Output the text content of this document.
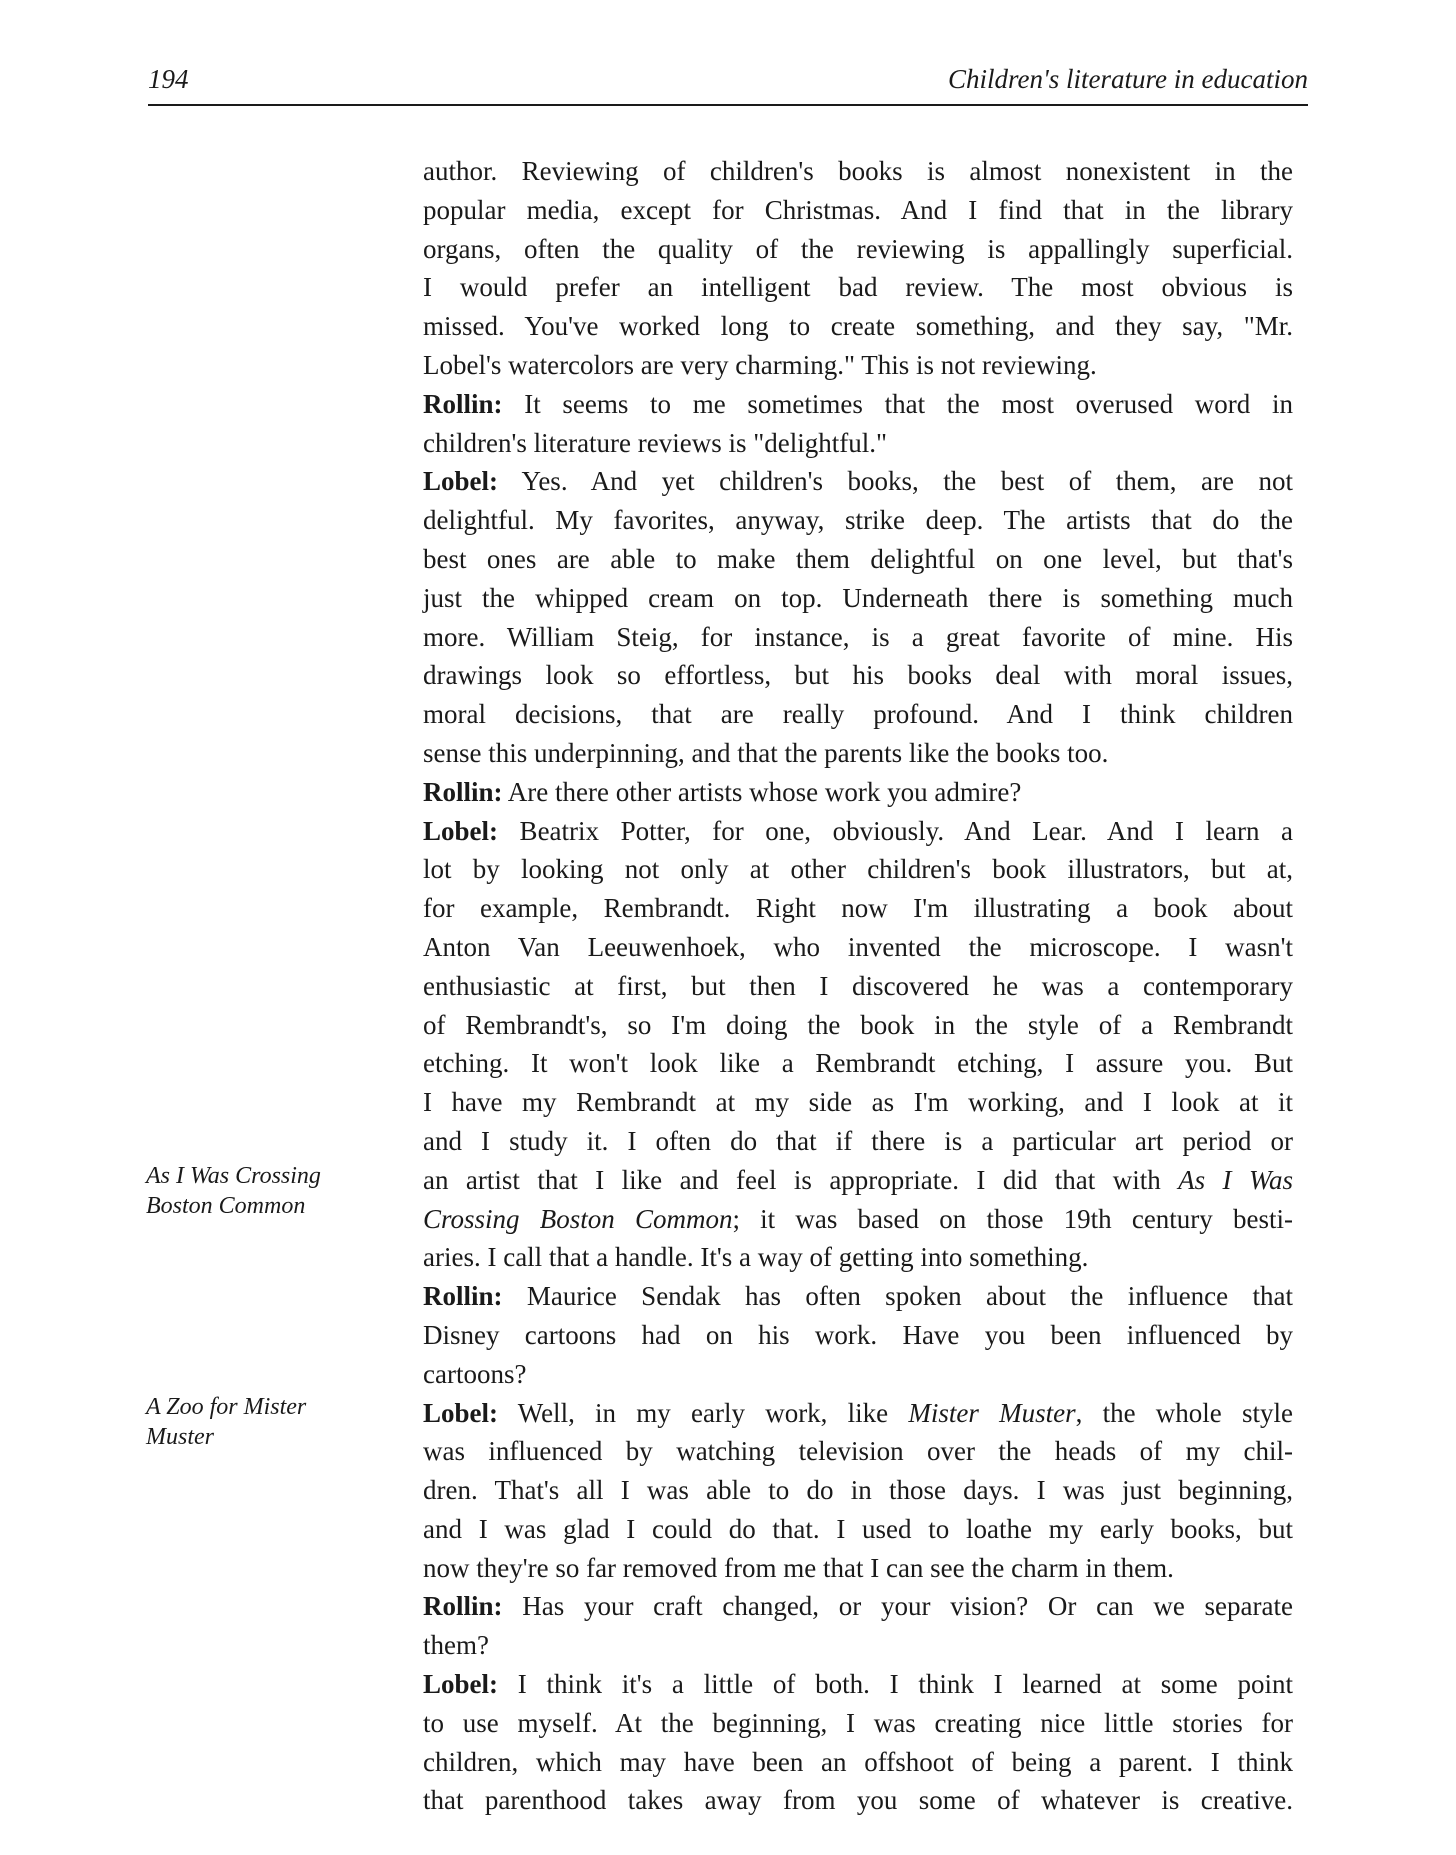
194	Children's literature in education
As I Was Crossing
Boston Common
A Zoo for Mister
Muster

author. Reviewing of children's books is almost nonexistent in the
popular media, except for Christmas. And I find that in the library
organs, often the quality of the reviewing is appallingly superficial.
I would prefer an intelligent bad review. The most obvious is
missed. You've worked long to create something, and they say, "Mr.
Lobel's watercolors are very charming." This is not reviewing.

Rollin: It seems to me sometimes that the most overused word in
children's literature reviews is "delightful."

Lobel: Yes. And yet children's books, the best of them, are not
delightful. My favorites, anyway, strike deep. The artists that do the
best ones are able to make them delightful on one level, but that's
just the whipped cream on top. Underneath there is something much
more. William Steig, for instance, is a great favorite of mine. His
drawings look so effortless, but his books deal with moral issues,
moral decisions, that are really profound. And I think children
sense this underpinning, and that the parents like the books too.

Rollin: Are there other artists whose work you admire?

Lobel: Beatrix Potter, for one, obviously. And Lear. And I learn a
lot by looking not only at other children's book illustrators, but at,
for example, Rembrandt. Right now I'm illustrating a book about
Anton Van Leeuwenhoek, who invented the microscope. I wasn't
enthusiastic at first, but then I discovered he was a contemporary
of Rembrandt's, so I'm doing the book in the style of a Rembrandt
etching. It won't look like a Rembrandt etching, I assure you. But
I have my Rembrandt at my side as I'm working, and I look at it
and I study it. I often do that if there is a particular art period or
an artist that I like and feel is appropriate. I did that with As I Was
Crossing Boston Common; it was based on those 19th century besti-
aries. I call that a handle. It's a way of getting into something.

Rollin: Maurice Sendak has often spoken about the influence that
Disney cartoons had on his work. Have you been influenced by
cartoons?

Lobel: Well, in my early work, like Mister Muster, the whole style
was influenced by watching television over the heads of my chil-
dren. That's all I was able to do in those days. I was just beginning,
and I was glad I could do that. I used to loathe my early books, but
now they're so far removed from me that I can see the charm in them.

Rollin: Has your craft changed, or your vision? Or can we separate
them?

Lobel: I think it's a little of both. I think I learned at some point
to use myself. At the beginning, I was creating nice little stories for
children, which may have been an offshoot of being a parent. I think
that parenthood takes away from you some of whatever is creative.
